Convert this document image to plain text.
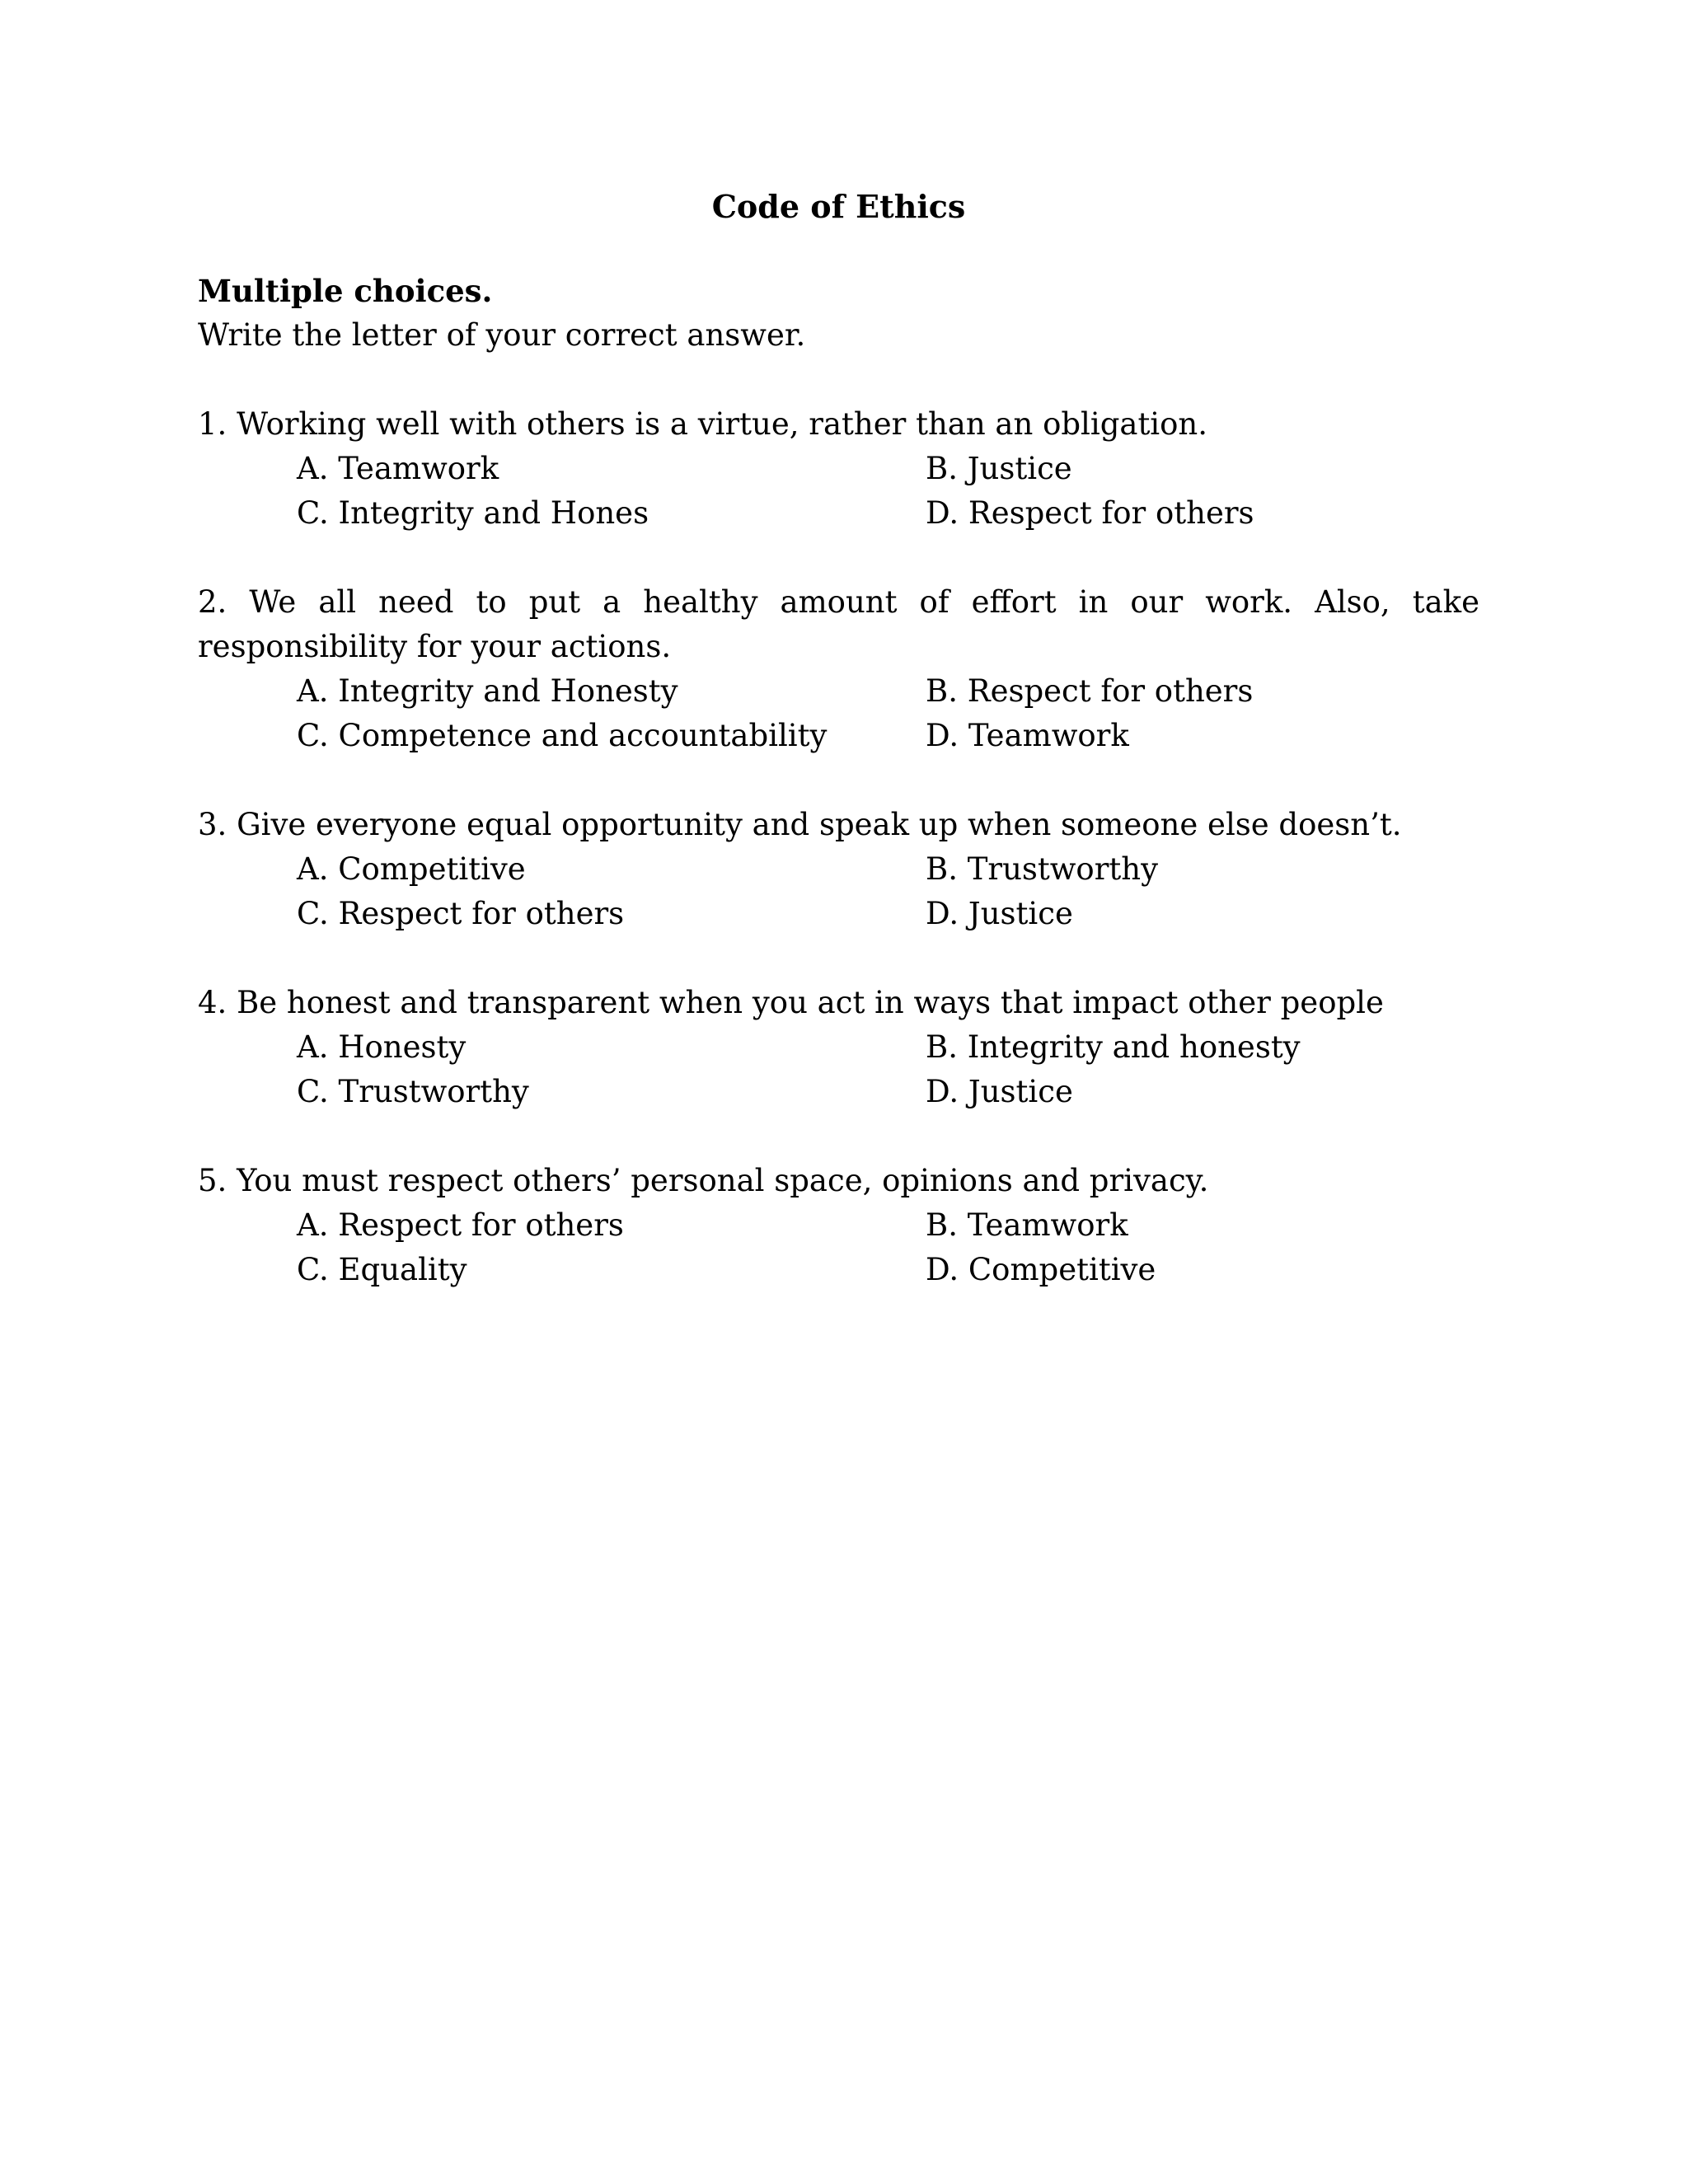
Code of Ethics

Multiple choices.

Write the letter of your correct answer.

1. Working well with others is a virtue, rather than an obligation.

A. Teamwork	B. Justice
C. Integrity and Hones	D. Respect for others

2. We all need to put a healthy amount of effort in our work. Also, take responsibility for your actions.

A. Integrity and Honesty	B. Respect for others
C. Competence and accountability	D. Teamwork

3. Give everyone equal opportunity and speak up when someone else doesn’t.

A. Competitive	B. Trustworthy
C. Respect for others	D. Justice

4. Be honest and transparent when you act in ways that impact other people

A. Honesty	B. Integrity and honesty
C. Trustworthy	D. Justice

5. You must respect others’ personal space, opinions and privacy.

A. Respect for others	B. Teamwork
C. Equality	D. Competitive
